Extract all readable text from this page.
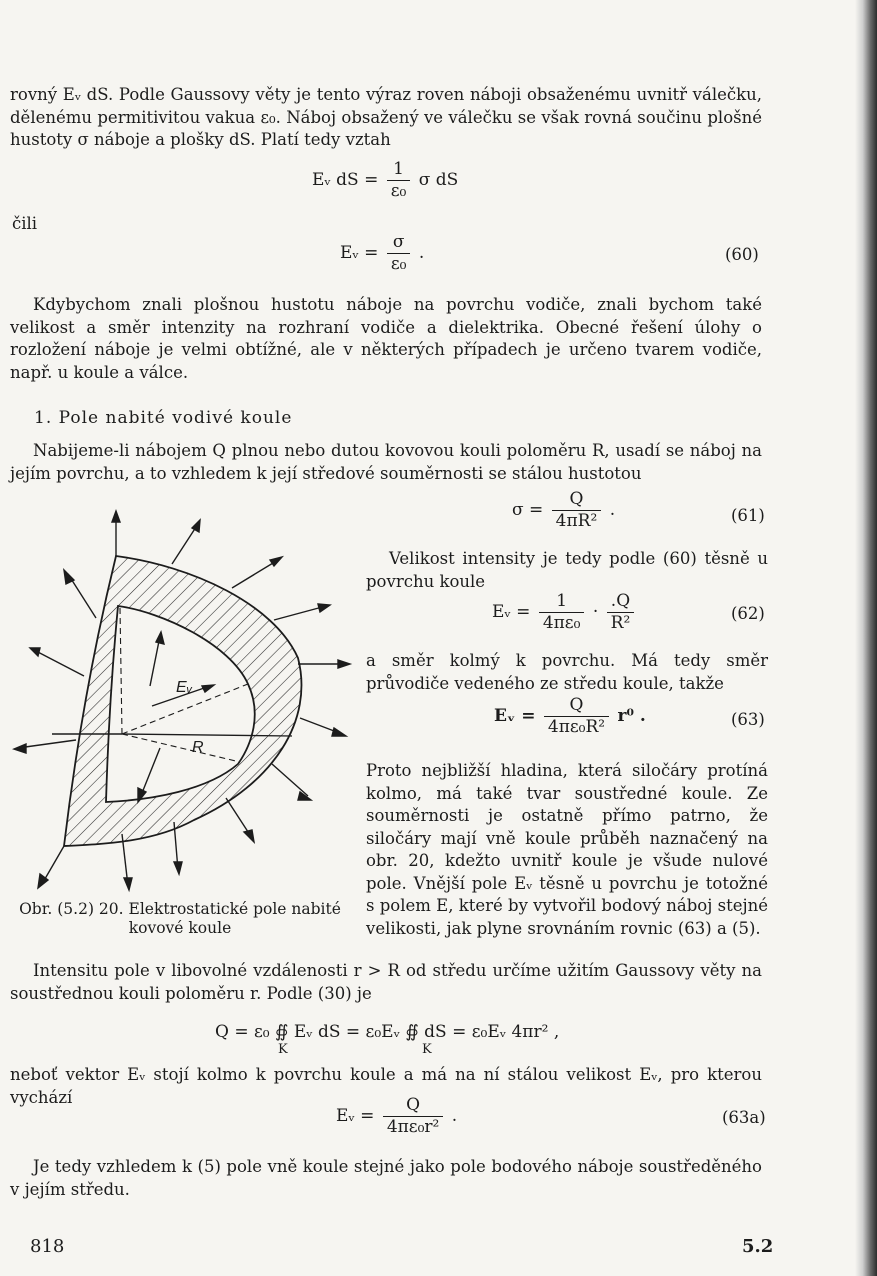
rovný Eᵥ dS. Podle Gaussovy věty je tento výraz roven náboji obsaženému uvnitř válečku, dělenému permitivitou vakua ε₀. Náboj obsažený ve válečku se však rovná součinu plošné hustoty σ náboje a plošky dS. Platí tedy vztah

Eᵥ dS = $\frac{1}{\text{ε₀}}$ σ dS
čili
Eᵥ = $\frac{\sigma}{\text{ε₀}}$ .	(60)

Kdybychom znali plošnou hustotu náboje na povrchu vodiče, znali bychom také velikost a směr intenzity na rozhraní vodiče a dielektrika. Obecné řešení úlohy o rozložení náboje je velmi obtížné, ale v některých případech je určeno tvarem vodiče, např. u koule a válce.

1. Pole nabité vodivé koule

Nabijeme-li nábojem Q plnou nebo dutou kovovou kouli poloměru R, usadí se náboj na jejím povrchu, a to vzhledem k její středové souměrnosti se stálou hustotou

$\sigma = \frac{Q}{\text{4πR²}}$ .	(61)

Velikost intensity je tedy podle (60) těsně u povrchu koule

Eᵥ = $\frac{1}{\text{4πε₀}} \cdot \frac{.Q}{\text{R²}}$	(62)

a směr kolmý k povrchu. Má tedy směr průvodiče vedeného ze středu koule, takže

Eᵥ = $\frac{Q}{\text{4πε₀R²}} r^0$ .	(63)

Proto nejbližší hladina, která siločáry protíná kolmo, má také tvar soustředné koule. Ze souměrnosti je ostatně přímo patrno, že siločáry mají vně koule průběh naznačený na obr. 20, kdežto uvnitř koule je všude nulové pole. Vnější pole Eᵥ těsně u povrchu je totožné s polem E, které by vytvořil bodový náboj stejné velikosti, jak plyne srovnáním rovnic (63) a (5).

Eᵥ
R
Obr. (5.2) 20. Elektrostatické pole nabité kovové koule

Intensitu pole v libovolné vzdálenosti r > R od středu určíme užitím Gaussovy věty na soustřednou kouli poloměru r. Podle (30) je

Q = ε₀ ∯ Eᵥ dS = ε₀Eᵥ ∯ dS = ε₀Eᵥ 4πr² ,
K	K

neboť vektor Eᵥ stojí kolmo k povrchu koule a má na ní stálou velikost Eᵥ, pro kterou vychází

Eᵥ = $\frac{Q}{\text{4πε₀r²}}$ .	(63a)

Je tedy vzhledem k (5) pole vně koule stejné jako pole bodového náboje soustředěného v jejím středu.

818	5.2
